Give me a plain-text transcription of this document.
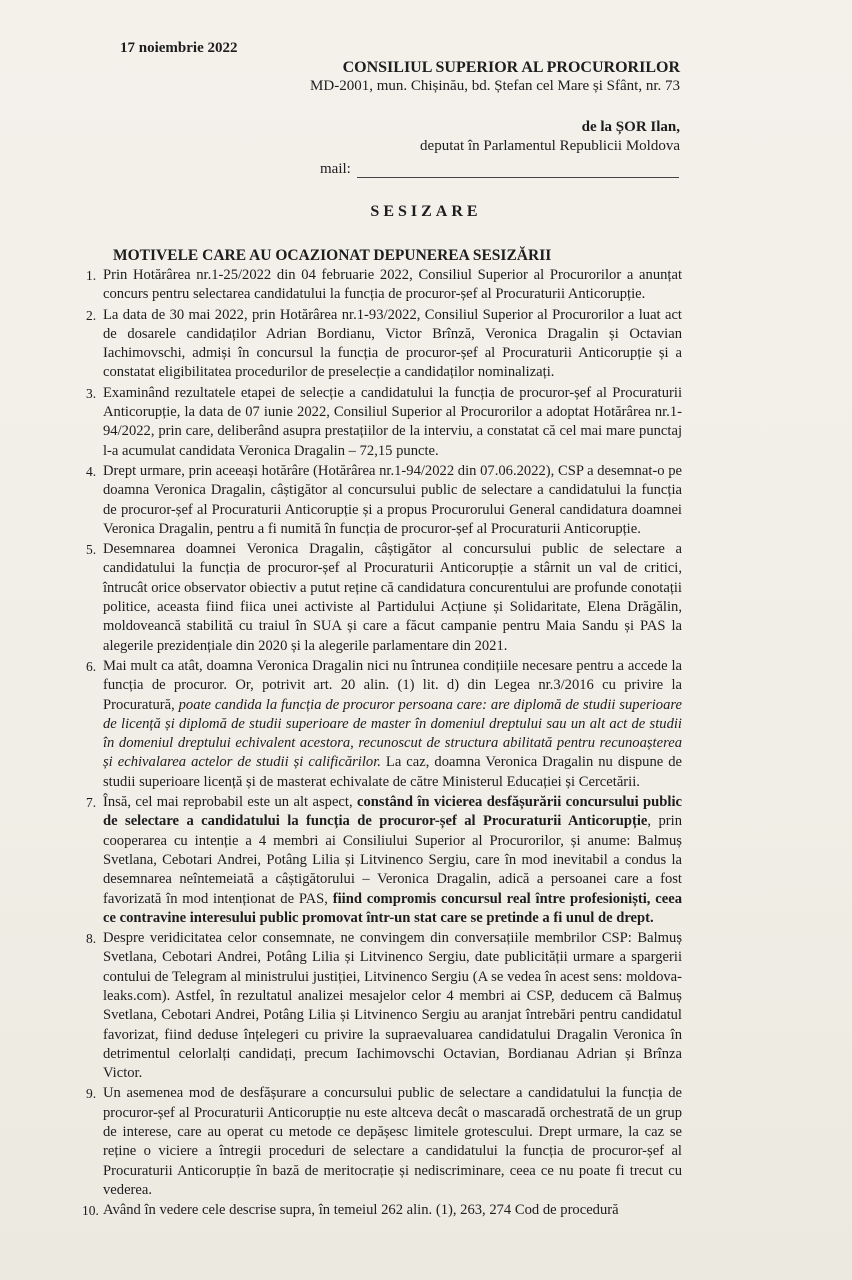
17 noiembrie 2022
CONSILIUL SUPERIOR AL PROCURORILOR
MD-2001, mun. Chișinău, bd. Ștefan cel Mare și Sfânt, nr. 73
de la ȘOR Ilan,
deputat în Parlamentul Republicii Moldova
mail:
SESIZARE
MOTIVELE CARE AU OCAZIONAT DEPUNEREA SESIZĂRII
1. Prin Hotărârea nr.1-25/2022 din 04 februarie 2022, Consiliul Superior al Procurorilor a anunțat concurs pentru selectarea candidatului la funcția de procuror-șef al Procuraturii Anticorupție.
2. La data de 30 mai 2022, prin Hotărârea nr.1-93/2022, Consiliul Superior al Procurorilor a luat act de dosarele candidaților Adrian Bordianu, Victor Brînză, Veronica Dragalin și Octavian Iachimovschi, admiși în concursul la funcția de procuror-șef al Procuraturii Anticorupție și a constatat eligibilitatea procedurilor de preselecție a candidaților nominalizați.
3. Examinând rezultatele etapei de selecție a candidatului la funcția de procuror-șef al Procuraturii Anticorupție, la data de 07 iunie 2022, Consiliul Superior al Procurorilor a adoptat Hotărârea nr.1-94/2022, prin care, deliberând asupra prestațiilor de la interviu, a constatat că cel mai mare punctaj l-a acumulat candidata Veronica Dragalin – 72,15 puncte.
4. Drept urmare, prin aceeași hotărâre (Hotărârea nr.1-94/2022 din 07.06.2022), CSP a desemnat-o pe doamna Veronica Dragalin, câștigător al concursului public de selectare a candidatului la funcția de procuror-șef al Procuraturii Anticorupție și a propus Procurorului General candidatura doamnei Veronica Dragalin, pentru a fi numită în funcția de procuror-șef al Procuraturii Anticorupție.
5. Desemnarea doamnei Veronica Dragalin, câștigător al concursului public de selectare a candidatului la funcția de procuror-șef al Procuraturii Anticorupție a stârnit un val de critici, întrucât orice observator obiectiv a putut reține că candidatura concurentului are profunde conotații politice, aceasta fiind fiica unei activiste al Partidului Acțiune și Solidaritate, Elena Drăgălin, moldoveancă stabilită cu traiul în SUA și care a făcut campanie pentru Maia Sandu și PAS la alegerile prezidențiale din 2020 și la alegerile parlamentare din 2021.
6. Mai mult ca atât, doamna Veronica Dragalin nici nu întrunea condițiile necesare pentru a accede la funcția de procuror. Or, potrivit art. 20 alin. (1) lit. d) din Legea nr.3/2016 cu privire la Procuratură, poate candida la funcția de procuror persoana care: are diplomă de studii superioare de licență și diplomă de studii superioare de master în domeniul dreptului sau un alt act de studii în domeniul dreptului echivalent acestora, recunoscut de structura abilitată pentru recunoașterea și echivalarea actelor de studii și calificărilor. La caz, doamna Veronica Dragalin nu dispune de studii superioare licență și de masterat echivalate de către Ministerul Educației și Cercetării.
7. Însă, cel mai reprobabil este un alt aspect, constând în vicierea desfășurării concursului public de selectare a candidatului la funcția de procuror-șef al Procuraturii Anticorupție, prin cooperarea cu intenție a 4 membri ai Consiliului Superior al Procurorilor, și anume: Balmuș Svetlana, Cebotari Andrei, Potâng Lilia și Litvinenco Sergiu, care în mod inevitabil a condus la desemnarea neîntemeiată a câștigătorului – Veronica Dragalin, adică a persoanei care a fost favorizată în mod intenționat de PAS, fiind compromis concursul real între profesioniști, ceea ce contravine interesului public promovat într-un stat care se pretinde a fi unul de drept.
8. Despre veridicitatea celor consemnate, ne convingem din conversațiile membrilor CSP: Balmuș Svetlana, Cebotari Andrei, Potâng Lilia și Litvinenco Sergiu, date publicității urmare a spargerii contului de Telegram al ministrului justiției, Litvinenco Sergiu (A se vedea în acest sens: moldova-leaks.com). Astfel, în rezultatul analizei mesajelor celor 4 membri ai CSP, deducem că Balmuș Svetlana, Cebotari Andrei, Potâng Lilia și Litvinenco Sergiu au aranjat întrebări pentru candidatul favorizat, fiind deduse înțelegeri cu privire la supraevaluarea candidatului Dragalin Veronica în detrimentul celorlalți candidați, precum Iachimovschi Octavian, Bordianau Adrian și Brînza Victor.
9. Un asemenea mod de desfășurare a concursului public de selectare a candidatului la funcția de procuror-șef al Procuraturii Anticorupție nu este altceva decât o mascaradă orchestrată de un grup de interese, care au operat cu metode ce depășesc limitele grotescului. Drept urmare, la caz se reține o viciere a întregii proceduri de selectare a candidatului la funcția de procuror-șef al Procuraturii Anticorupție în bază de meritocrație și nediscriminare, ceea ce nu poate fi trecut cu vederea.
10. Având în vedere cele descrise supra, în temeiul 262 alin. (1), 263, 274 Cod de procedură
